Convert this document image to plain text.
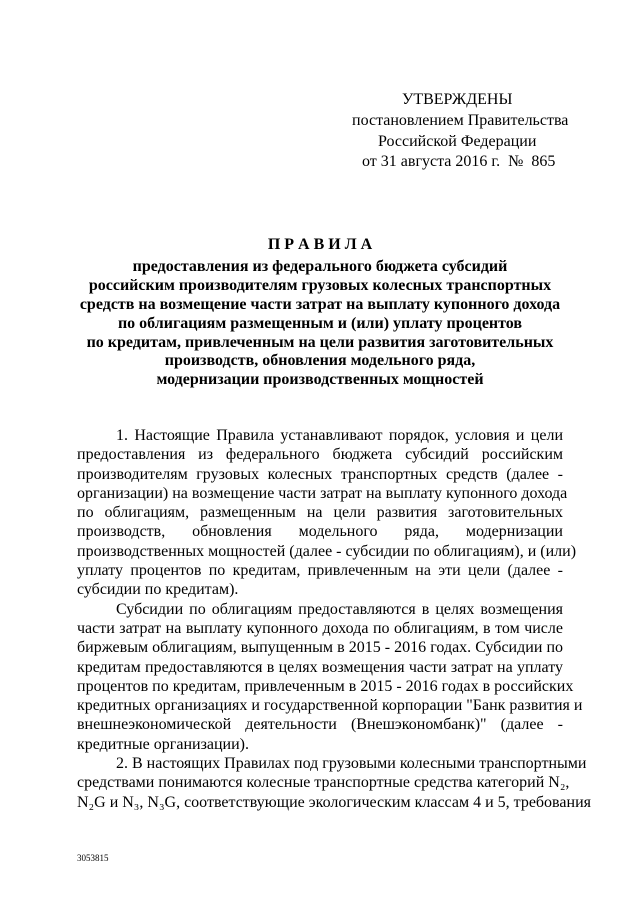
УТВЕРЖДЕНЫ
постановлением Правительства
Российской Федерации
от 31 августа 2016 г.  №  865
П Р А В И Л А
предоставления из федерального бюджета субсидий
российским производителям грузовых колесных транспортных
средств на возмещение части затрат на выплату купонного дохода
по облигациям размещенным и (или) уплату процентов
по кредитам, привлеченным на цели развития заготовительных
производств, обновления модельного ряда,
модернизации производственных мощностей
1. Настоящие Правила устанавливают порядок, условия и цели
предоставления из федерального бюджета субсидий российским
производителям грузовых колесных транспортных средств (далее -
организации) на возмещение части затрат на выплату купонного дохода
по облигациям, размещенным на цели развития заготовительных
производств, обновления модельного ряда, модернизации
производственных мощностей (далее - субсидии по облигациям), и (или)
уплату процентов по кредитам, привлеченным на эти цели (далее -
субсидии по кредитам).
Субсидии по облигациям предоставляются в целях возмещения
части затрат на выплату купонного дохода по облигациям, в том числе
биржевым облигациям, выпущенным в 2015 - 2016 годах. Субсидии по
кредитам предоставляются в целях возмещения части затрат на уплату
процентов по кредитам, привлеченным в 2015 - 2016 годах в российских
кредитных организациях и государственной корпорации "Банк развития и
внешнеэкономической деятельности (Внешэкономбанк)" (далее -
кредитные организации).
2. В настоящих Правилах под грузовыми колесными транспортными
средствами понимаются колесные транспортные средства категорий N₂,
N₂G и N₃, N₃G, соответствующие экологическим классам 4 и 5, требования
3053815
